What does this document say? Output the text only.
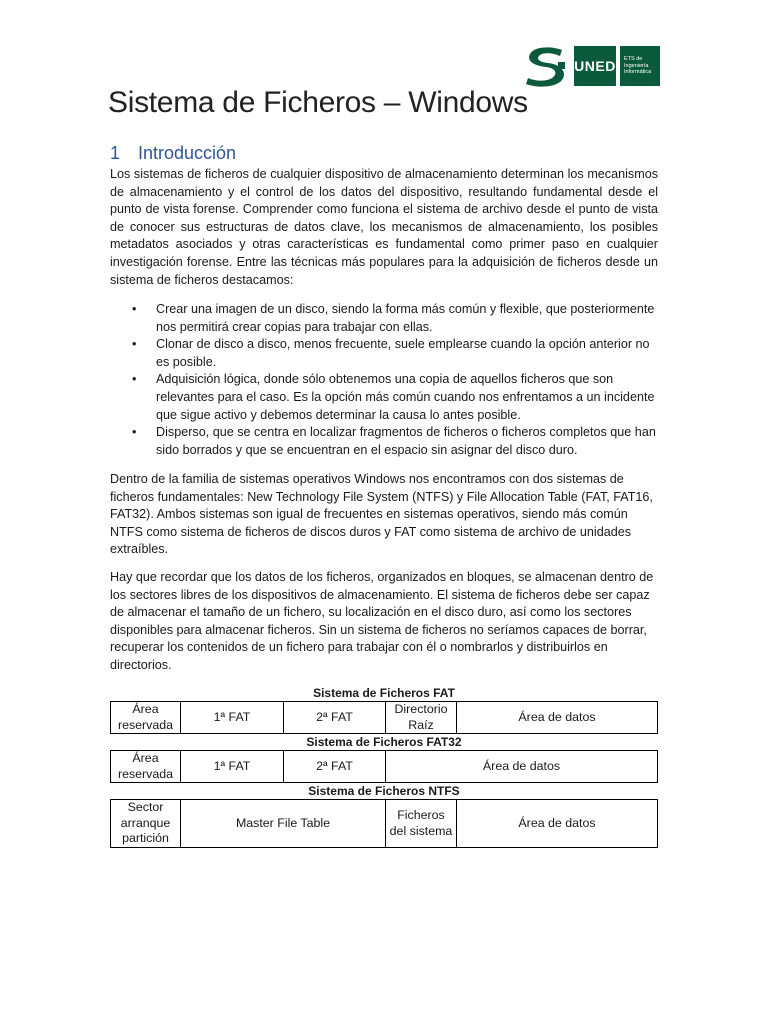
UNED ETS de
Ingeniería
Informática
Sistema de Ficheros – Windows
1 Introducción

Los sistemas de ficheros de cualquier dispositivo de almacenamiento determinan los mecanismos de almacenamiento y el control de los datos del dispositivo, resultando fundamental desde el punto de vista forense. Comprender como funciona el sistema de archivo desde el punto de vista de conocer sus estructuras de datos clave, los mecanismos de almacenamiento, los posibles metadatos asociados y otras características es fundamental como primer paso en cualquier investigación forense. Entre las técnicas más populares para la adquisición de ficheros desde un sistema de ficheros destacamos:

• Crear una imagen de un disco, siendo la forma más común y flexible, que posteriormente nos permitirá crear copias para trabajar con ellas.
• Clonar de disco a disco, menos frecuente, suele emplearse cuando la opción anterior no es posible.
• Adquisición lógica, donde sólo obtenemos una copia de aquellos ficheros que son relevantes para el caso. Es la opción más común cuando nos enfrentamos a un incidente que sigue activo y debemos determinar la causa lo antes posible.
• Disperso, que se centra en localizar fragmentos de ficheros o ficheros completos que han sido borrados y que se encuentran en el espacio sin asignar del disco duro.

Dentro de la familia de sistemas operativos Windows nos encontramos con dos sistemas de ficheros fundamentales: New Technology File System (NTFS) y File Allocation Table (FAT, FAT16, FAT32). Ambos sistemas son igual de frecuentes en sistemas operativos, siendo más común NTFS como sistema de ficheros de discos duros y FAT como sistema de archivo de unidades extraíbles.

Hay que recordar que los datos de los ficheros, organizados en bloques, se almacenan dentro de los sectores libres de los dispositivos de almacenamiento. El sistema de ficheros debe ser capaz de almacenar el tamaño de un fichero, su localización en el disco duro, así como los sectores disponibles para almacenar ficheros. Sin un sistema de ficheros no seríamos capaces de borrar, recuperar los contenidos de un fichero para trabajar con él o nombrarlos y distribuirlos en directorios.

Sistema de Ficheros FAT
Área reservada	1ª FAT	2ª FAT	Directorio Raíz	Área de datos
Sistema de Ficheros FAT32
Área reservada	1ª FAT	2ª FAT	Área de datos
Sistema de Ficheros NTFS
Sector arranque partición	Master File Table	Ficheros del sistema	Área de datos
